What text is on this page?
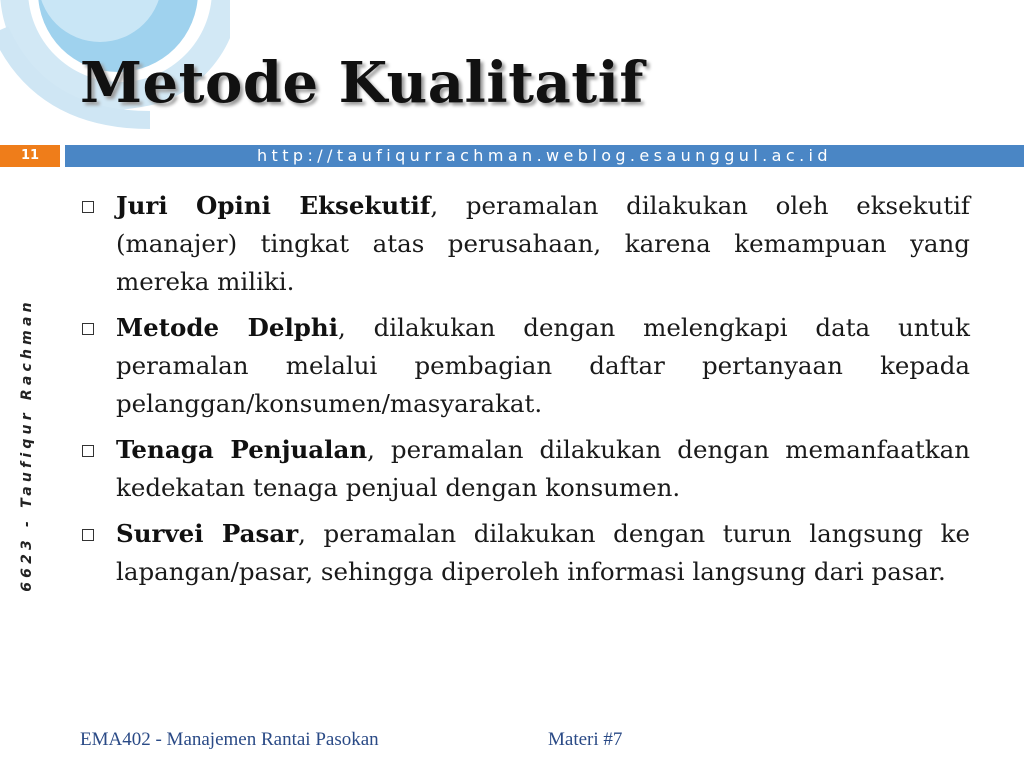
Metode Kualitatif
http://taufiqurrachman.weblog.esaunggul.ac.id
11
6623 - Taufiqur Rachman
Juri Opini Eksekutif, peramalan dilakukan oleh eksekutif (manajer) tingkat atas perusahaan, karena kemampuan yang mereka miliki.
Metode Delphi, dilakukan dengan melengkapi data untuk peramalan melalui pembagian daftar pertanyaan kepada pelanggan/konsumen/masyarakat.
Tenaga Penjualan, peramalan dilakukan dengan memanfaatkan kedekatan tenaga penjual dengan konsumen.
Survei Pasar, peramalan dilakukan dengan turun langsung ke lapangan/pasar, sehingga diperoleh informasi langsung dari pasar.
EMA402 - Manajemen Rantai Pasokan	Materi #7
